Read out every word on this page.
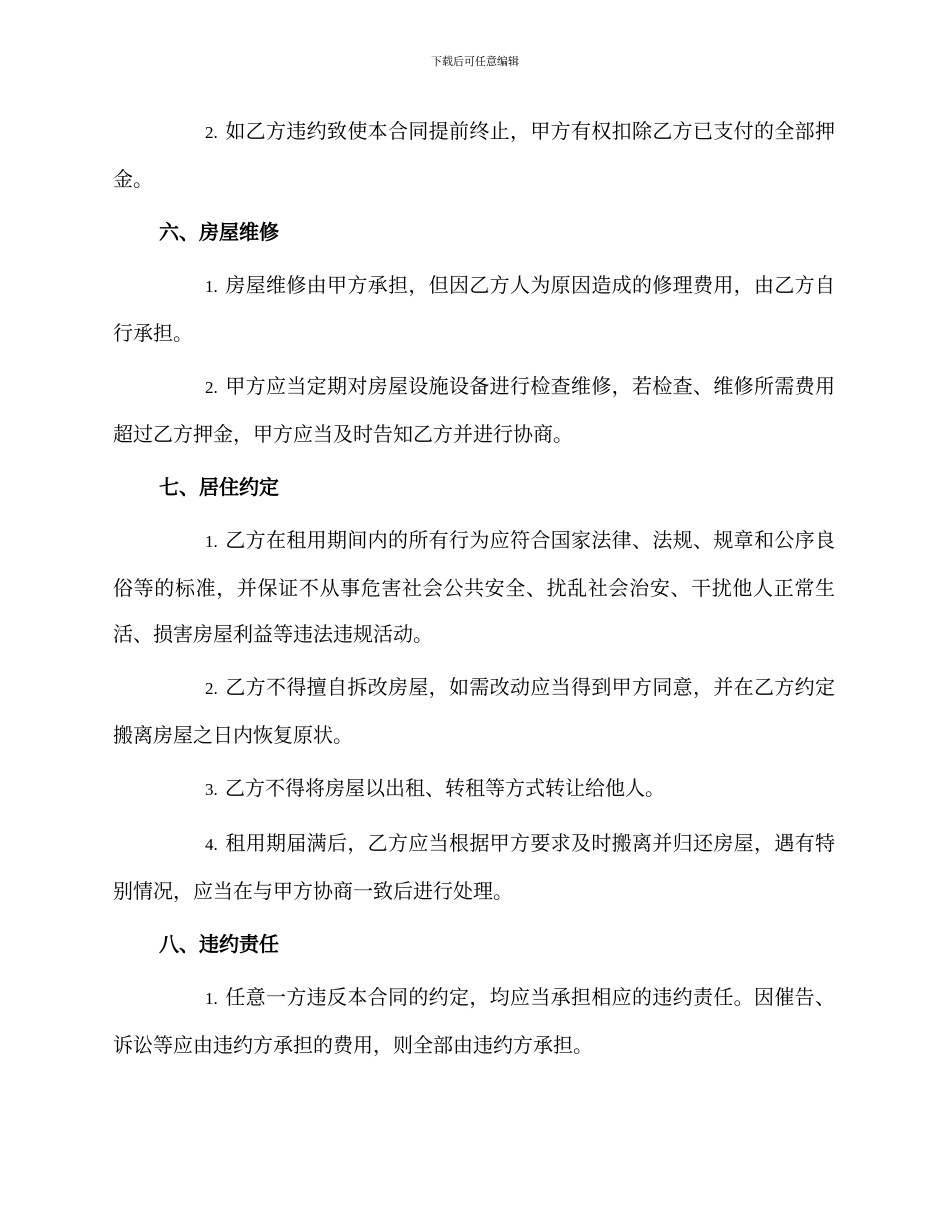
下载后可任意编辑

2. 如乙方违约致使本合同提前终止，甲方有权扣除乙方已支付的全部押金。

六、房屋维修

1. 房屋维修由甲方承担，但因乙方人为原因造成的修理费用，由乙方自行承担。

2. 甲方应当定期对房屋设施设备进行检查维修，若检查、维修所需费用超过乙方押金，甲方应当及时告知乙方并进行协商。

七、居住约定

1. 乙方在租用期间内的所有行为应符合国家法律、法规、规章和公序良俗等的标准，并保证不从事危害社会公共安全、扰乱社会治安、干扰他人正常生活、损害房屋利益等违法违规活动。

2. 乙方不得擅自拆改房屋，如需改动应当得到甲方同意，并在乙方约定搬离房屋之日内恢复原状。

3. 乙方不得将房屋以出租、转租等方式转让给他人。

4. 租用期届满后，乙方应当根据甲方要求及时搬离并归还房屋，遇有特别情况，应当在与甲方协商一致后进行处理。

八、违约责任

1. 任意一方违反本合同的约定，均应当承担相应的违约责任。因催告、诉讼等应由违约方承担的费用，则全部由违约方承担。
